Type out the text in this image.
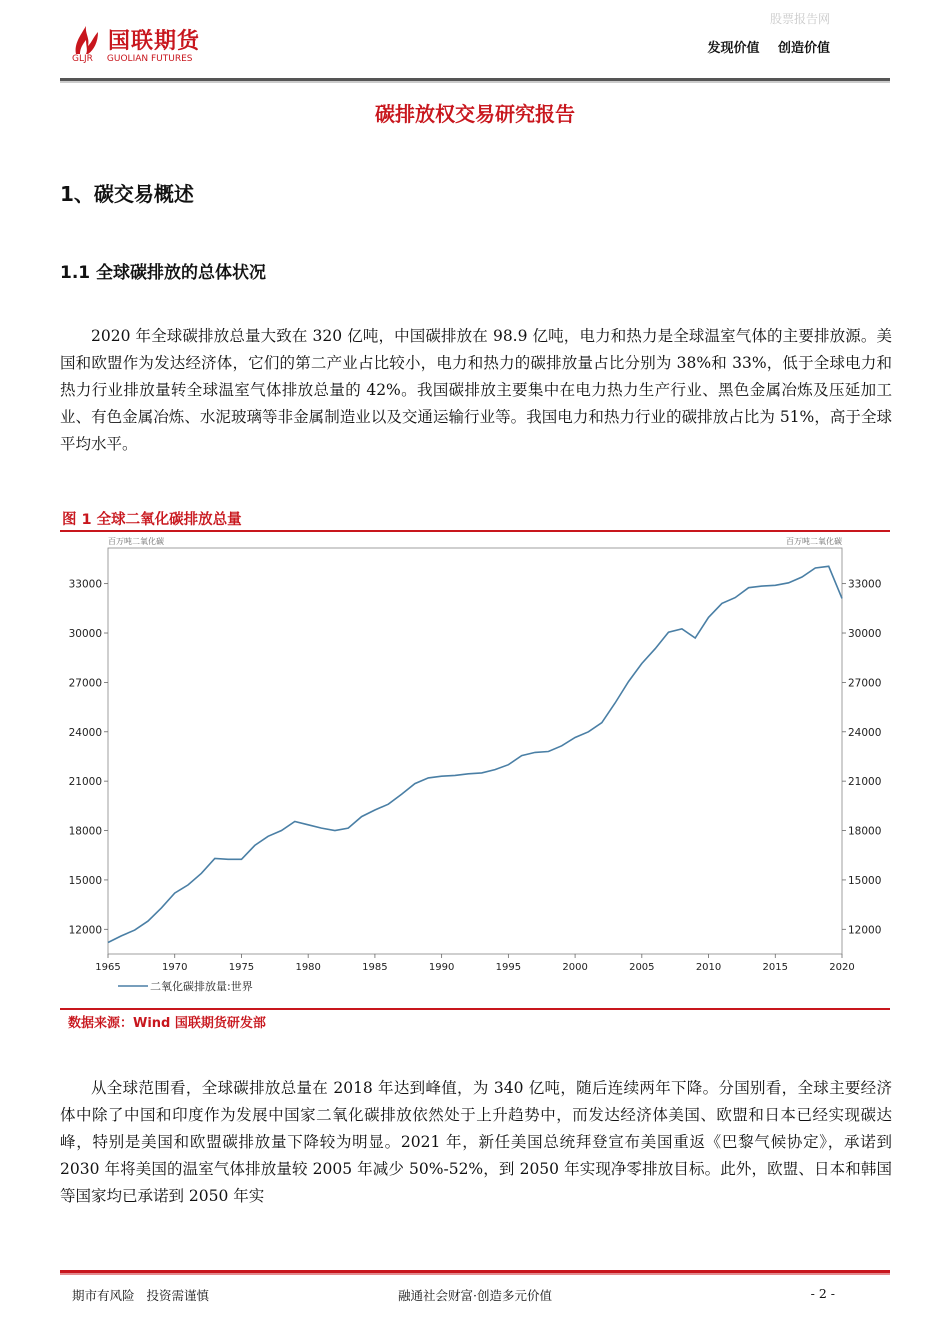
国联期货
GLJR GUOLIAN FUTURES
股票报告网
发现价值 创造价值
碳排放权交易研究报告
1、碳交易概述
1.1 全球碳排放的总体状况

2020 年全球碳排放总量大致在 320 亿吨，中国碳排放在 98.9 亿吨，电力和热力是全球温室气体的主要排放源。美国和欧盟作为发达经济体，它们的第二产业占比较小，电力和热力的碳排放量占比分别为 38%和 33%，低于全球电力和热力行业排放量转全球温室气体排放总量的 42%。我国碳排放主要集中在电力热力生产行业、黑色金属冶炼及压延加工业、有色金属冶炼、水泥玻璃等非金属制造业以及交通运输行业等。我国电力和热力行业的碳排放占比为 51%，高于全球平均水平。

图 1 全球二氧化碳排放总量
百万吨二氧化碳	百万吨二氧化碳
12000	12000
15000	15000
18000	18000
21000	21000
24000	24000
27000	27000
30000	30000
33000	33000
1965	1970	1975	1980	1985	1990	1995	2000	2005	2010	2015	2020
二氧化碳排放量:世界
数据来源：Wind 国联期货研发部

从全球范围看，全球碳排放总量在 2018 年达到峰值，为 340 亿吨，随后连续两年下降。分国别看，全球主要经济体中除了中国和印度作为发展中国家二氧化碳排放依然处于上升趋势中，而发达经济体美国、欧盟和日本已经实现碳达峰，特别是美国和欧盟碳排放量下降较为明显。2021 年，新任美国总统拜登宣布美国重返《巴黎气候协定》，承诺到 2030 年将美国的温室气体排放量较 2005 年减少 50%-52%，到 2050 年实现净零排放目标。此外，欧盟、日本和韩国等国家均已承诺到 2050 年实

期市有风险 投资需谨慎	融通社会财富·创造多元价值	- 2 -
